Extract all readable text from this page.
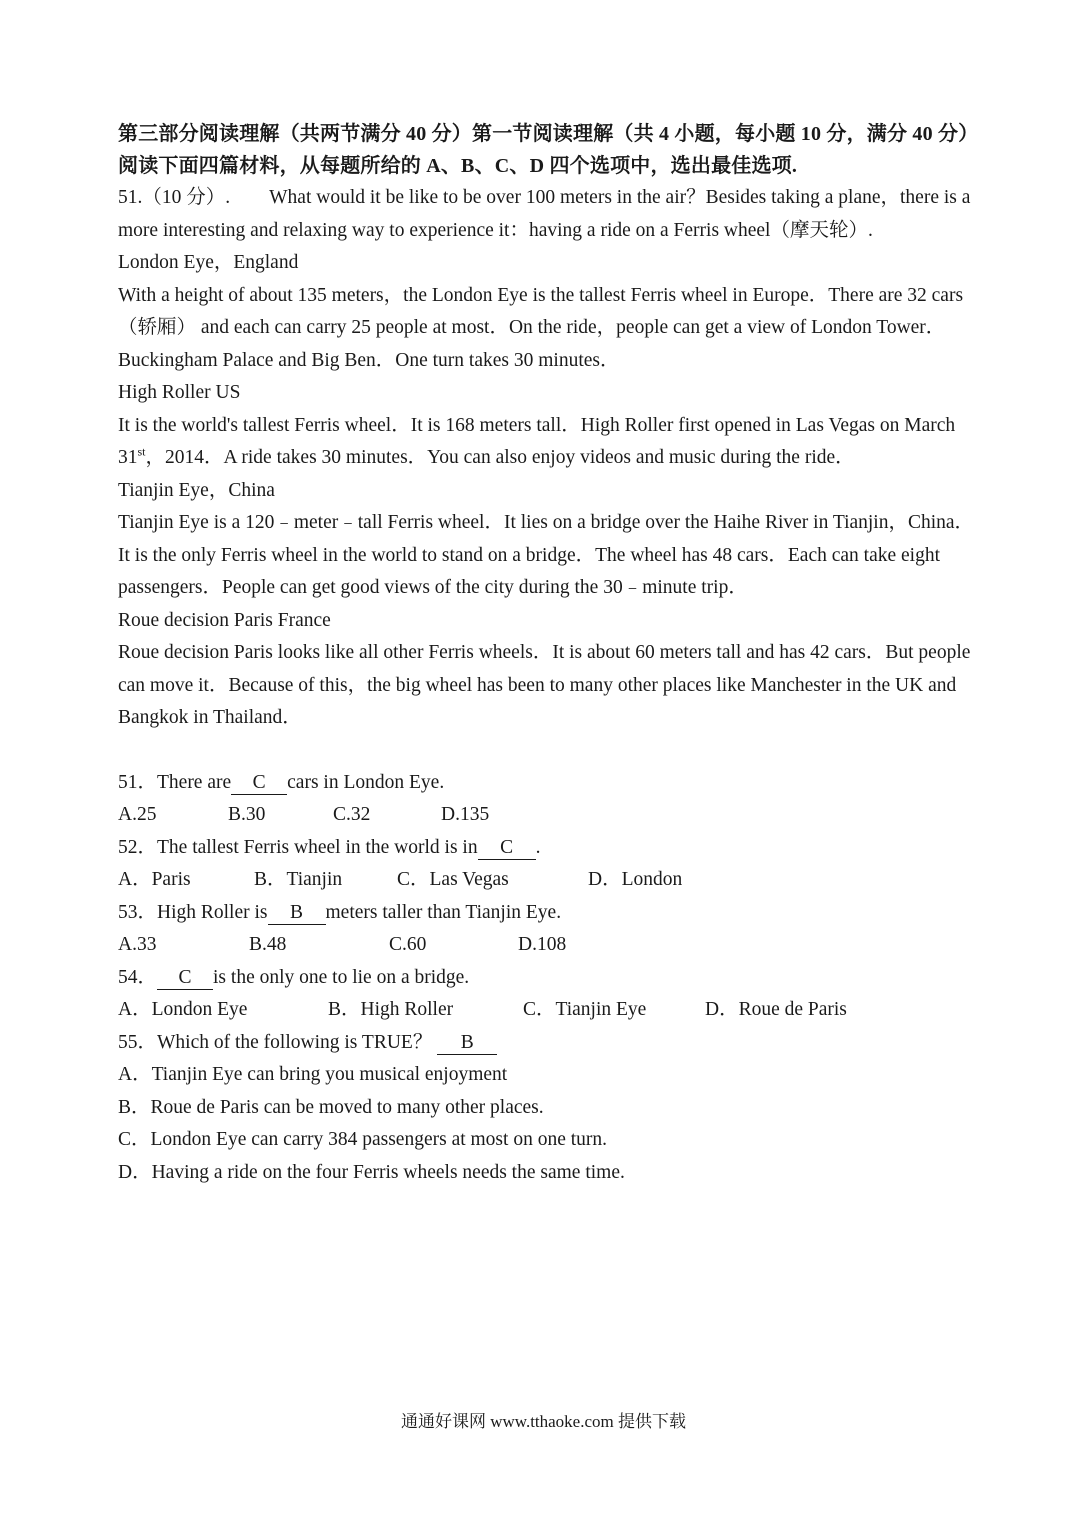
第三部分阅读理解（共两节满分 40 分）第一节阅读理解（共 4 小题，每小题 10 分，满分 40 分）阅读下面四篇材料，从每题所给的 A、B、C、D 四个选项中，选出最佳选项.

51.（10 分）. What would it be like to be over 100 meters in the air？Besides taking a plane，there is a more interesting and relaxing way to experience it：having a ride on a Ferris wheel（摩天轮）.
London Eye，England
With a height of about 135 meters，the London Eye is the tallest Ferris wheel in Europe．There are 32 cars（轿厢） and each can carry 25 people at most．On the ride，people can get a view of London Tower．Buckingham Palace and Big Ben．One turn takes 30 minutes．
High Roller US
It is the world's tallest Ferris wheel．It is 168 meters tall．High Roller first opened in Las Vegas on March 31st，2014．A ride takes 30 minutes．You can also enjoy videos and music during the ride．
Tianjin Eye，China
Tianjin Eye is a 120﹣meter﹣tall Ferris wheel．It lies on a bridge over the Haihe River in Tianjin，China．It is the only Ferris wheel in the world to stand on a bridge．The wheel has 48 cars．Each can take eight passengers．People can get good views of the city during the 30﹣minute trip．
Roue decision Paris France
Roue decision Paris looks like all other Ferris wheels．It is about 60 meters tall and has 42 cars．But people can move it．Because of this，the big wheel has been to many other places like Manchester in the UK and Bangkok in Thailand．
51．There are C cars in London Eye.
A.25	B.30	C.32	D.135
52．The tallest Ferris wheel in the world is in C .
A．Paris	B．Tianjin	C．Las Vegas	D．London
53．High Roller is B meters taller than Tianjin Eye.
A.33	B.48	C.60	D.108
54． C is the only one to lie on a bridge.
A．London Eye	B．High Roller	C．Tianjin Eye	D．Roue de Paris
55．Which of the following is TRUE？ B
A．Tianjin Eye can bring you musical enjoyment
B．Roue de Paris can be moved to many other places.
C．London Eye can carry 384 passengers at most on one turn.
D．Having a ride on the four Ferris wheels needs the same time.
通通好课网 www.tthaoke.com 提供下载
